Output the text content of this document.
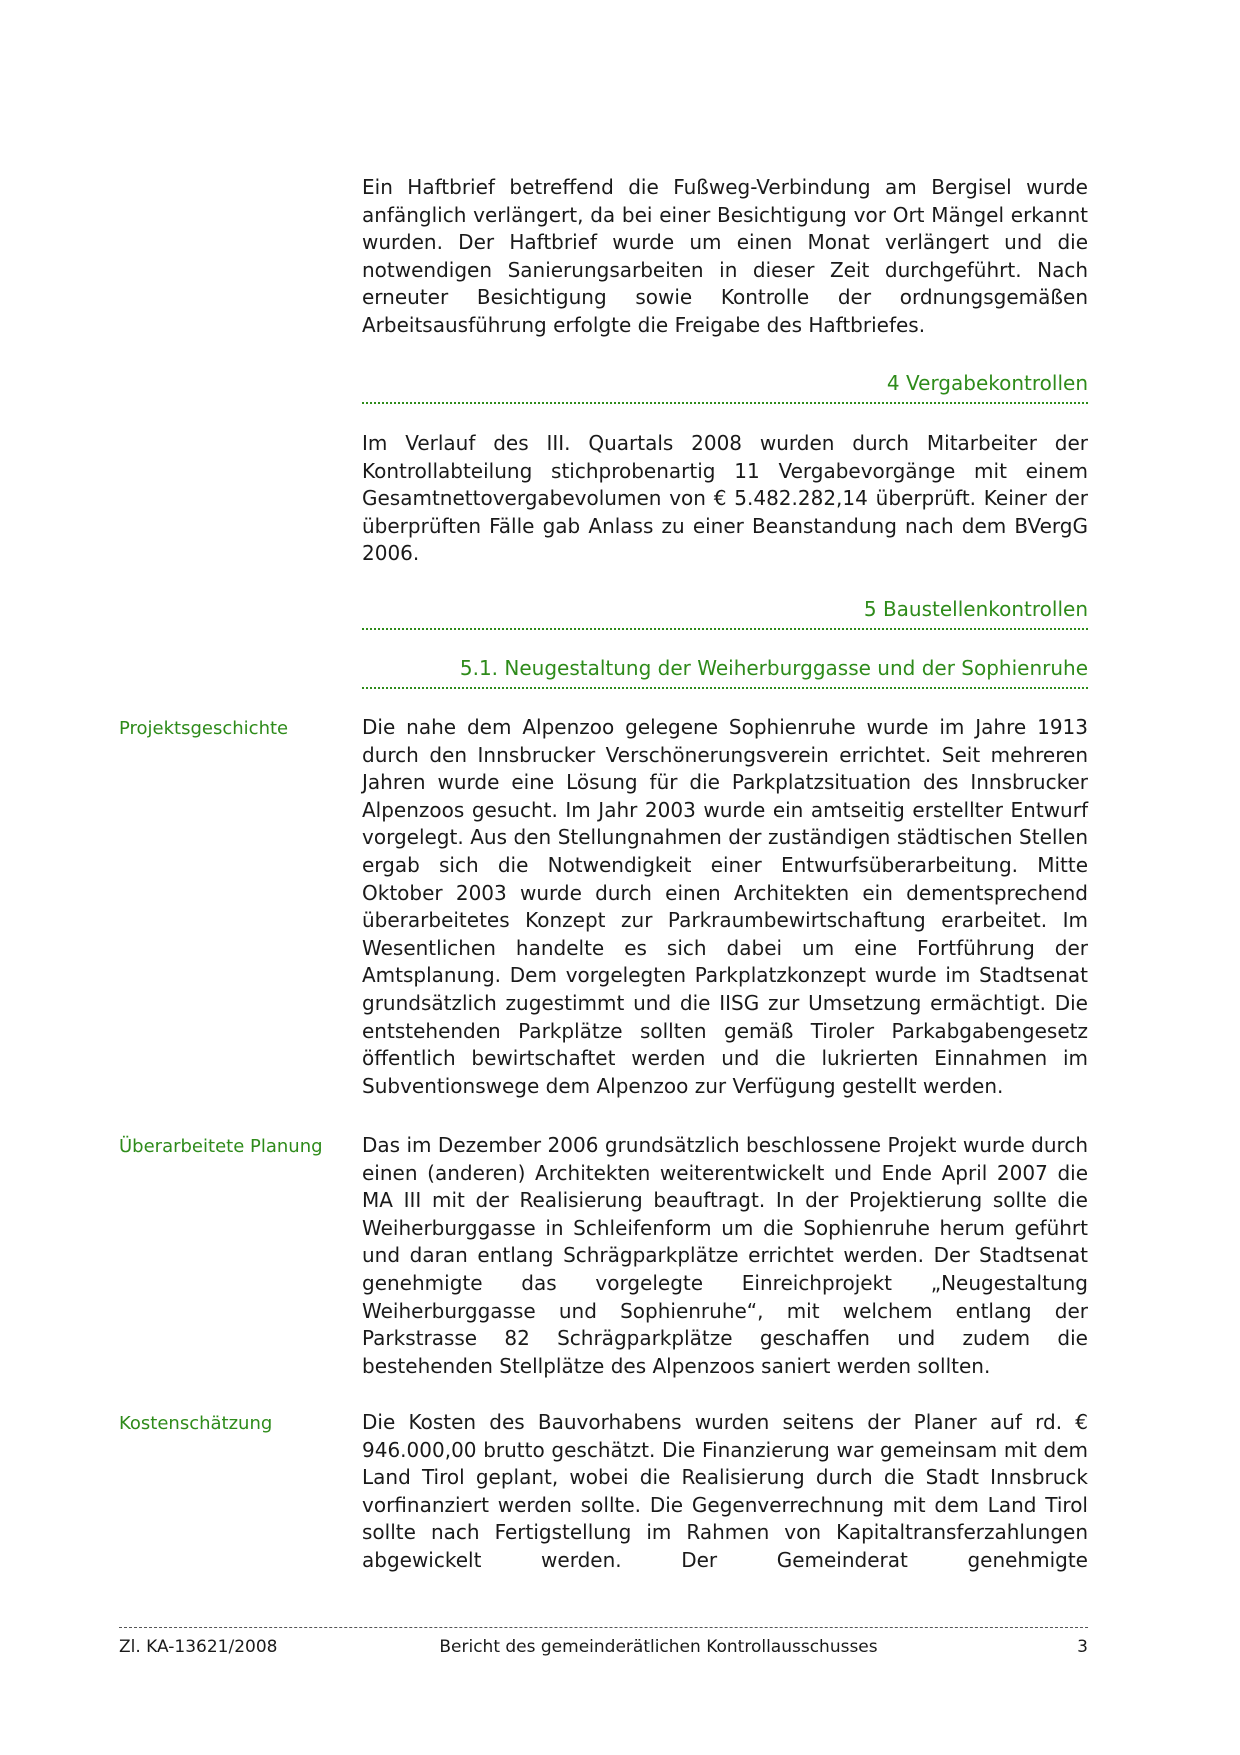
Ein Haftbrief betreffend die Fußweg-Verbindung am Bergisel wurde anfänglich verlängert, da bei einer Besichtigung vor Ort Mängel erkannt wurden. Der Haftbrief wurde um einen Monat verlängert und die notwendigen Sanierungsarbeiten in dieser Zeit durchgeführt. Nach erneuter Besichtigung sowie Kontrolle der ordnungsgemäßen Arbeitsausführung erfolgte die Freigabe des Haftbriefes.

4 Vergabekontrollen

Im Verlauf des III. Quartals 2008 wurden durch Mitarbeiter der Kontrollabteilung stichprobenartig 11 Vergabevorgänge mit einem Gesamtnettovergabevolumen von € 5.482.282,14 überprüft. Keiner der überprüften Fälle gab Anlass zu einer Beanstandung nach dem BVergG 2006.

5 Baustellenkontrollen
5.1. Neugestaltung der Weiherburggasse und der Sophienruhe
Projektsgeschichte	Die nahe dem Alpenzoo gelegene Sophienruhe wurde im Jahre 1913 durch den Innsbrucker Verschönerungsverein errichtet. Seit mehreren Jahren wurde eine Lösung für die Parkplatzsituation des Innsbrucker Alpenzoos gesucht. Im Jahr 2003 wurde ein amtseitig erstellter Entwurf vorgelegt. Aus den Stellungnahmen der zuständigen städtischen Stellen ergab sich die Notwendigkeit einer Entwurfsüberarbeitung. Mitte Oktober 2003 wurde durch einen Architekten ein dementsprechend überarbeitetes Konzept zur Parkraumbewirtschaftung erarbeitet. Im Wesentlichen handelte es sich dabei um eine Fortführung der Amtsplanung. Dem vorgelegten Parkplatzkonzept wurde im Stadtsenat grundsätzlich zugestimmt und die IISG zur Umsetzung ermächtigt. Die entstehenden Parkplätze sollten gemäß Tiroler Parkabgabengesetz öffentlich bewirtschaftet werden und die lukrierten Einnahmen im Subventionswege dem Alpenzoo zur Verfügung gestellt werden.

Überarbeitete Planung	Das im Dezember 2006 grundsätzlich beschlossene Projekt wurde durch einen (anderen) Architekten weiterentwickelt und Ende April 2007 die MA III mit der Realisierung beauftragt. In der Projektierung sollte die Weiherburggasse in Schleifenform um die Sophienruhe herum geführt und daran entlang Schrägparkplätze errichtet werden. Der Stadtsenat genehmigte das vorgelegte Einreichprojekt „Neugestaltung Weiherburggasse und Sophienruhe“, mit welchem entlang der Parkstrasse 82 Schrägparkplätze geschaffen und zudem die bestehenden Stellplätze des Alpenzoos saniert werden sollten.

Kostenschätzung	Die Kosten des Bauvorhabens wurden seitens der Planer auf rd. € 946.000,00 brutto geschätzt. Die Finanzierung war gemeinsam mit dem Land Tirol geplant, wobei die Realisierung durch die Stadt Innsbruck vorfinanziert werden sollte. Die Gegenverrechnung mit dem Land Tirol sollte nach Fertigstellung im Rahmen von Kapitaltransferzahlungen abgewickelt werden. Der Gemeinderat genehmigte

Zl. KA-13621/2008	Bericht des gemeinderätlichen Kontrollausschusses	3
